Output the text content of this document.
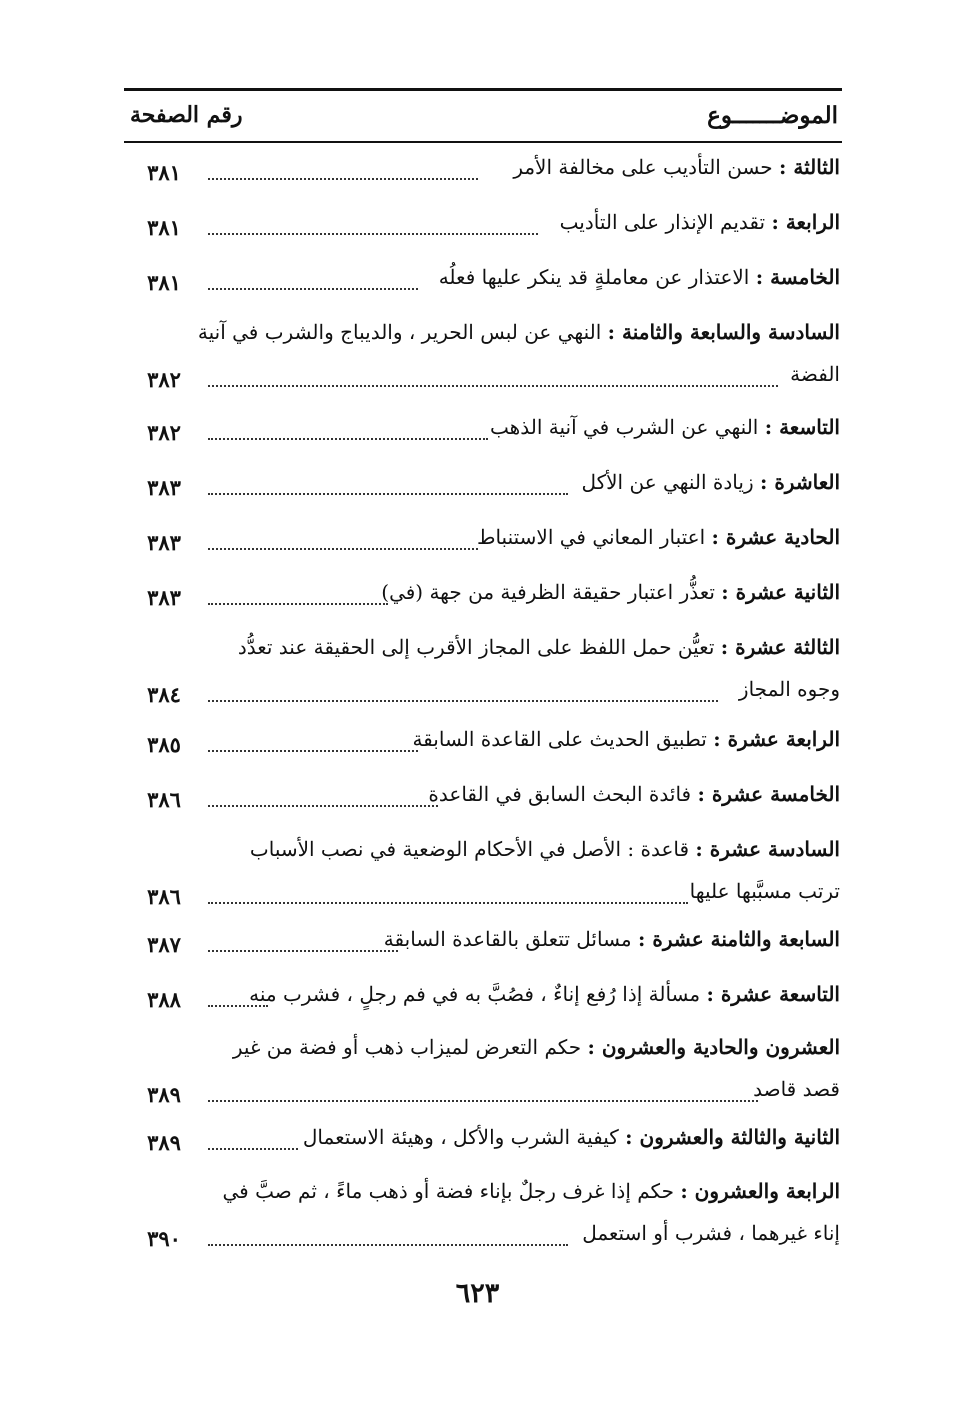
الموضـــــــوع
رقم الصفحة
الثالثة : حسن التأديب على مخالفة الأمر
٣٨١
الرابعة : تقديم الإنذار على التأديب
٣٨١
الخامسة : الاعتذار عن معاملةٍ قد ينكر عليها فعلُه
٣٨١
السادسة والسابعة والثامنة : النهي عن لبس الحرير ، والديباج والشرب في آنية
الفضة
٣٨٢
التاسعة : النهي عن الشرب في آنية الذهب
٣٨٢
العاشرة : زيادة النهي عن الأكل
٣٨٣
الحادية عشرة : اعتبار المعاني في الاستنباط
٣٨٣
الثانية عشرة : تعذُّر اعتبار حقيقة الظرفية من جهة (في)
٣٨٣
الثالثة عشرة : تعيُّن حمل اللفظ على المجاز الأقرب إلى الحقيقة عند تعدُّد
وجوه المجاز
٣٨٤
الرابعة عشرة : تطبيق الحديث على القاعدة السابقة
٣٨٥
الخامسة عشرة : فائدة البحث السابق في القاعدة
٣٨٦
السادسة عشرة : قاعدة : الأصل في الأحكام الوضعية في نصب الأسباب
ترتب مسبَّبها عليها
٣٨٦
السابعة والثامنة عشرة : مسائل تتعلق بالقاعدة السابقة
٣٨٧
التاسعة عشرة : مسألة إذا رُفع إناءٌ ، فصُبَّ به في فم رجلٍ ، فشرب منه
٣٨٨
العشرون والحادية والعشرون : حكم التعرض لميزاب ذهب أو فضة من غير
قصد قاصد
٣٨٩
الثانية والثالثة والعشرون : كيفية الشرب والأكل ، وهيئة الاستعمال
٣٨٩
الرابعة والعشرون : حكم إذا غرف رجلٌ بإناء فضة أو ذهب ماءً ، ثم صبَّ في
إناء غيرهما ، فشرب أو استعمل
٣٩٠
٦٢٣
